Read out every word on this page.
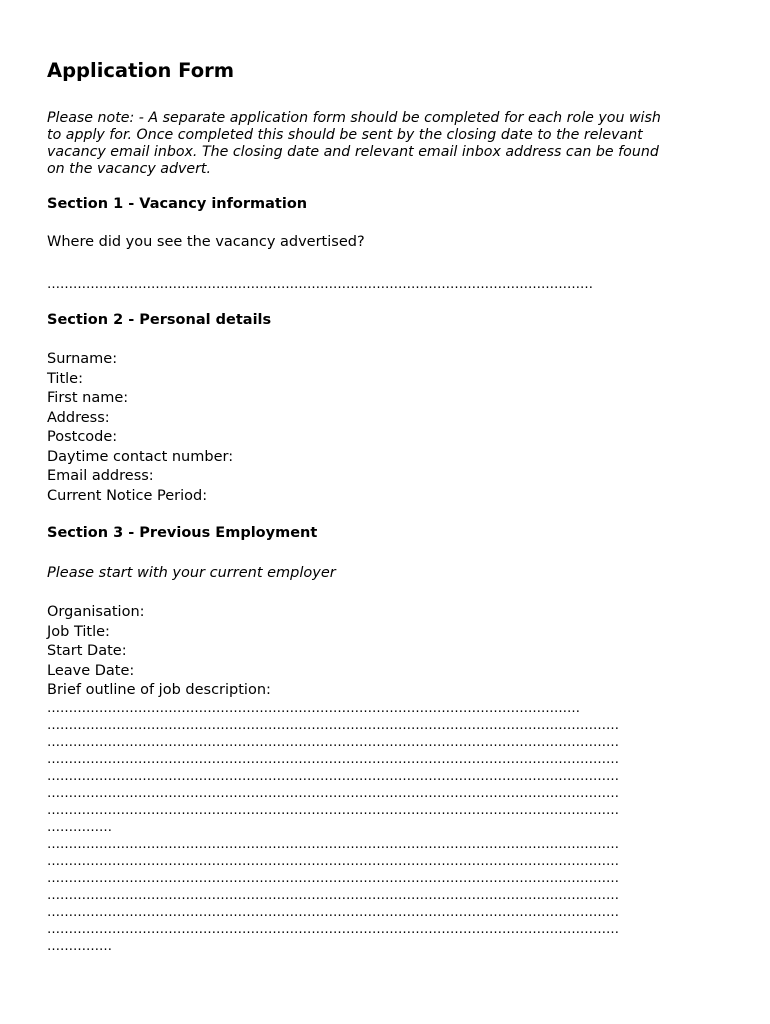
Application Form
Please note: - A separate application form should be completed for each role you wish
to apply for. Once completed this should be sent by the closing date to the relevant
vacancy email inbox. The closing date and relevant email inbox address can be found
on the vacancy advert.
Section 1 - Vacancy information
Where did you see the vacancy advertised?
………………………………………………………………………………………………………………
Section 2 - Personal details
Surname:
Title:
First name:
Address:
Postcode:
Daytime contact number:
Email address:
Current Notice Period:
Section 3 - Previous Employment
Please start with your current employer
Organisation:
Job Title:
Start Date:
Leave Date:
Brief outline of job description:
……………………………………………………………………………………………………………
……………………………………………………………………………………………………………………
……………………………………………………………………………………………………………………
……………………………………………………………………………………………………………………
……………………………………………………………………………………………………………………
……………………………………………………………………………………………………………………
……………………………………………………………………………………………………………………
……………
……………………………………………………………………………………………………………………
……………………………………………………………………………………………………………………
……………………………………………………………………………………………………………………
……………………………………………………………………………………………………………………
……………………………………………………………………………………………………………………
……………………………………………………………………………………………………………………
……………
